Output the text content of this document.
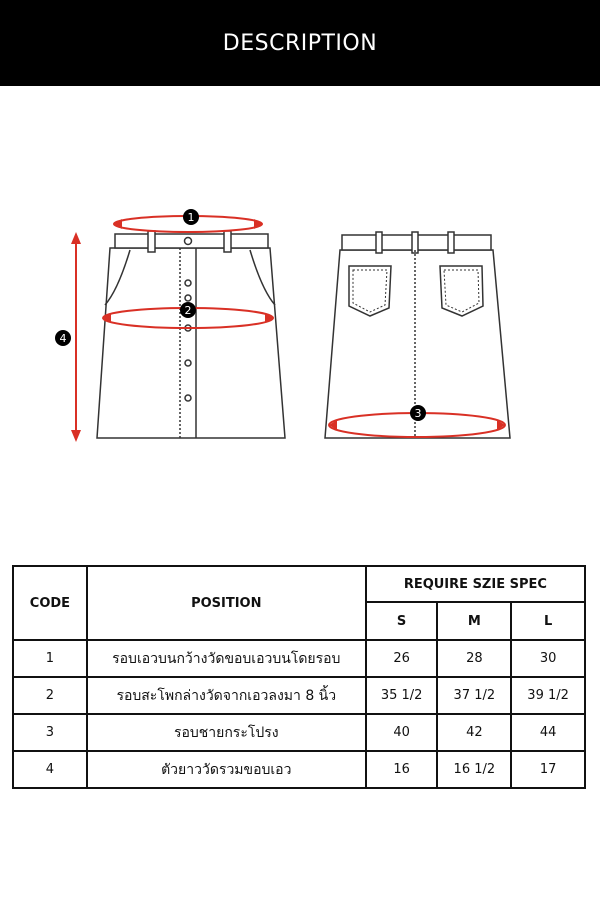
DESCRIPTION
1
2
3
4
CODE	POSITION	REQUIRE SZIE SPEC		
		S	M	L
1	รอบเอวบนกว้างวัดขอบเอวบนโดยรอบ	26	28	30
2	รอบสะโพกล่างวัดจากเอวลงมา 8 นิ้ว	35 1/2	37 1/2	39 1/2
3	รอบชายกระโปรง	40	42	44
4	ตัวยาววัดรวมขอบเอว	16	16 1/2	17
